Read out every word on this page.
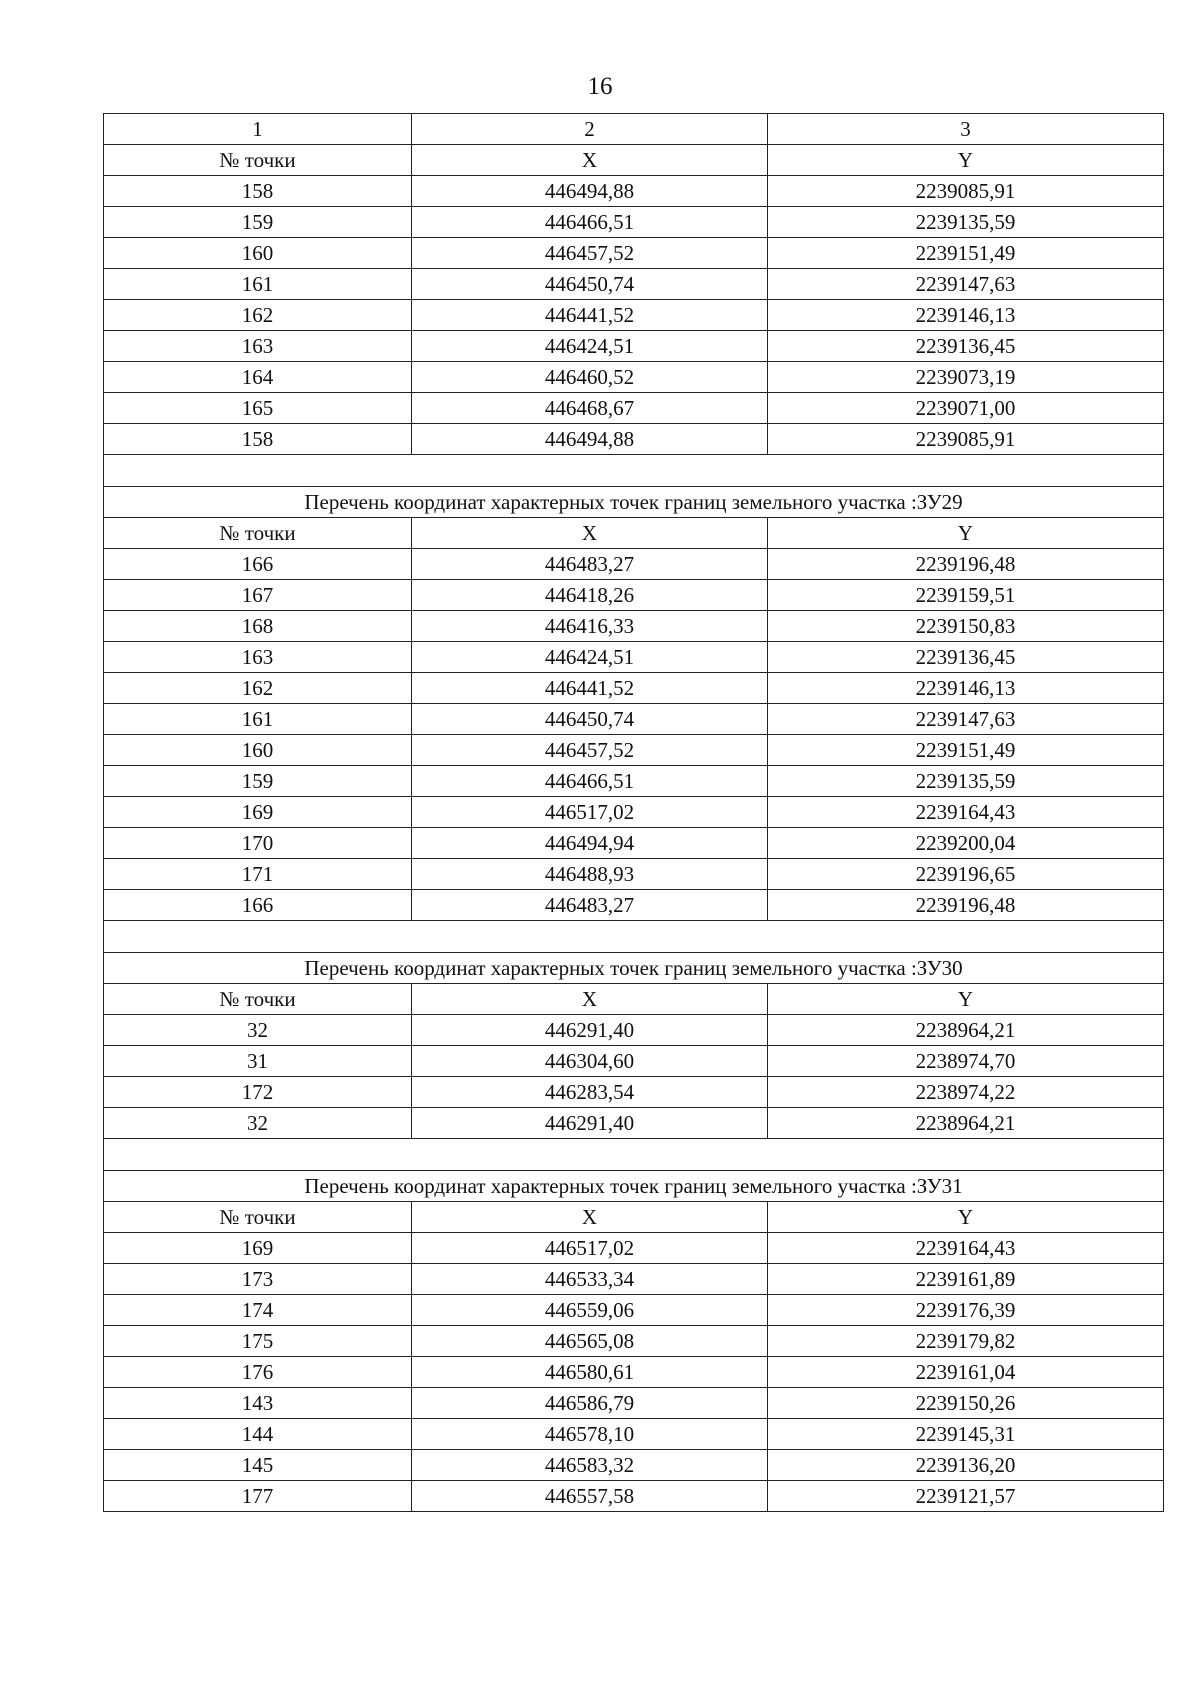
16
1	2	3
№ точки	X	Y
158	446494,88	2239085,91
159	446466,51	2239135,59
160	446457,52	2239151,49
161	446450,74	2239147,63
162	446441,52	2239146,13
163	446424,51	2239136,45
164	446460,52	2239073,19
165	446468,67	2239071,00
158	446494,88	2239085,91

Перечень координат характерных точек границ земельного участка :ЗУ29		
№ точки	X	Y
166	446483,27	2239196,48
167	446418,26	2239159,51
168	446416,33	2239150,83
163	446424,51	2239136,45
162	446441,52	2239146,13
161	446450,74	2239147,63
160	446457,52	2239151,49
159	446466,51	2239135,59
169	446517,02	2239164,43
170	446494,94	2239200,04
171	446488,93	2239196,65
166	446483,27	2239196,48

Перечень координат характерных точек границ земельного участка :ЗУ30		
№ точки	X	Y
32	446291,40	2238964,21
31	446304,60	2238974,70
172	446283,54	2238974,22
32	446291,40	2238964,21

Перечень координат характерных точек границ земельного участка :ЗУ31		
№ точки	X	Y
169	446517,02	2239164,43
173	446533,34	2239161,89
174	446559,06	2239176,39
175	446565,08	2239179,82
176	446580,61	2239161,04
143	446586,79	2239150,26
144	446578,10	2239145,31
145	446583,32	2239136,20
177	446557,58	2239121,57
